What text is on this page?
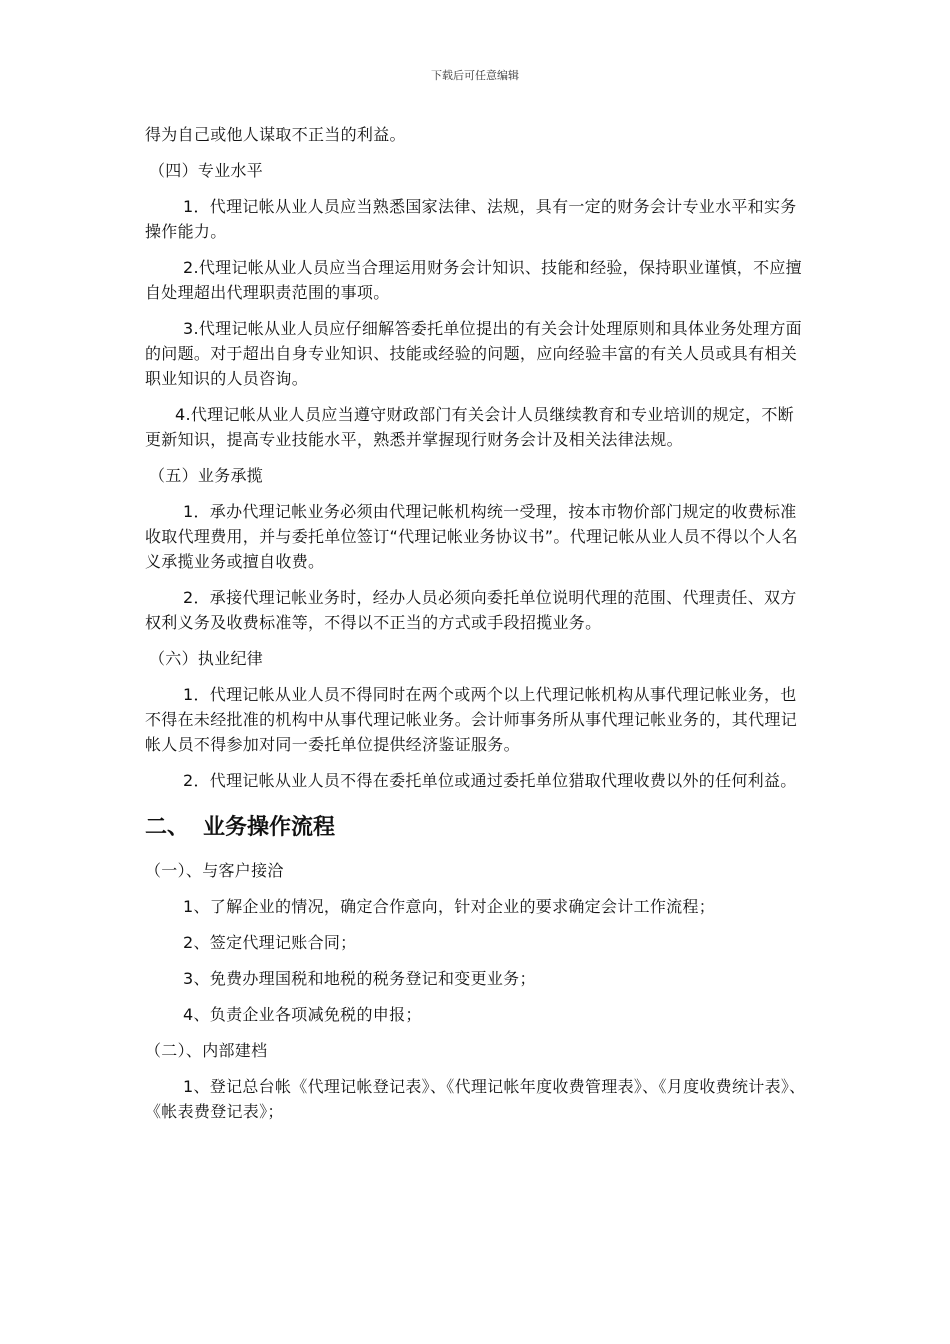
下载后可任意编辑

得为自己或他人谋取不正当的利益。

（四）专业水平

1．代理记帐从业人员应当熟悉国家法律、法规，具有一定的财务会计专业水平和实务操作能力。

2.代理记帐从业人员应当合理运用财务会计知识、技能和经验，保持职业谨慎，不应擅自处理超出代理职责范围的事项。

3.代理记帐从业人员应仔细解答委托单位提出的有关会计处理原则和具体业务处理方面的问题。对于超出自身专业知识、技能或经验的问题，应向经验丰富的有关人员或具有相关职业知识的人员咨询。

4.代理记帐从业人员应当遵守财政部门有关会计人员继续教育和专业培训的规定，不断更新知识，提高专业技能水平，熟悉并掌握现行财务会计及相关法律法规。

（五）业务承揽

1．承办代理记帐业务必须由代理记帐机构统一受理，按本市物价部门规定的收费标准收取代理费用，并与委托单位签订“代理记帐业务协议书”。代理记帐从业人员不得以个人名义承揽业务或擅自收费。

2．承接代理记帐业务时，经办人员必须向委托单位说明代理的范围、代理责任、双方权利义务及收费标准等，不得以不正当的方式或手段招揽业务。

（六）执业纪律

1．代理记帐从业人员不得同时在两个或两个以上代理记帐机构从事代理记帐业务，也不得在未经批准的机构中从事代理记帐业务。会计师事务所从事代理记帐业务的，其代理记帐人员不得参加对同一委托单位提供经济鉴证服务。

2．代理记帐从业人员不得在委托单位或通过委托单位猎取代理收费以外的任何利益。

二、 业务操作流程

（一）、与客户接洽

1、了解企业的情况，确定合作意向，针对企业的要求确定会计工作流程；

2、签定代理记账合同；

3、免费办理国税和地税的税务登记和变更业务；

4、负责企业各项减免税的申报；

（二）、内部建档

1、登记总台帐《代理记帐登记表》、《代理记帐年度收费管理表》、《月度收费统计表》、《帐表费登记表》；
